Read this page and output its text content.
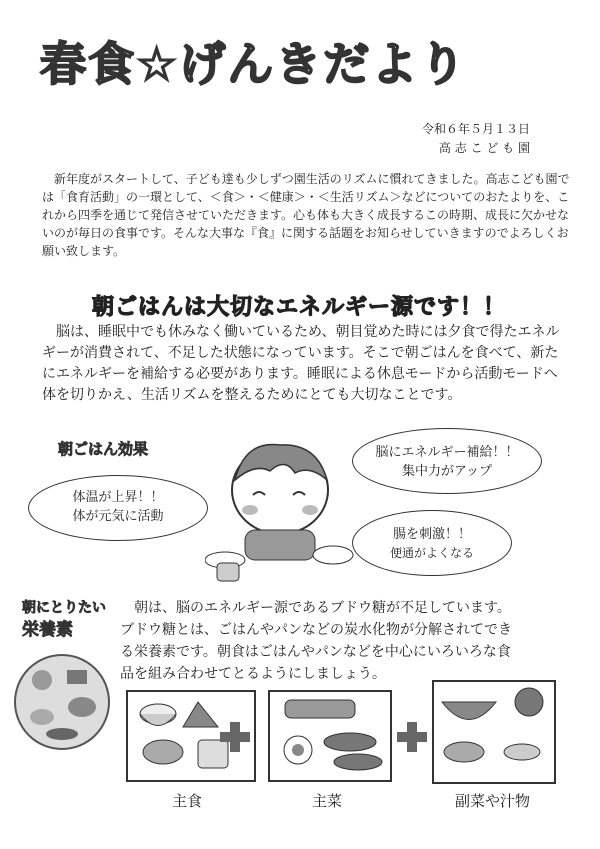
春食☆げんきだより
令和６年５月１３日
高 志 こ ど も 園

新年度がスタートして、子ども達も少しずつ園生活のリズムに慣れてきました。高志こども園では「食育活動」の一環として、＜食＞・＜健康＞・＜生活リズム＞などについてのおたよりを、これから四季を通じて発信させていただきます。心も体も大きく成長するこの時期、成長に欠かせないのが毎日の食事です。そんな大事な『食』に関する話題をお知らせしていきますのでよろしくお願い致します。

朝ごはんは大切なエネルギー源です！！

脳は、睡眠中でも休みなく働いているため、朝目覚めた時には夕食で得たエネルギーが消費されて、不足した状態になっています。そこで朝ごはんを食べて、新たにエネルギーを補給する必要があります。睡眠による休息モードから活動モードへ体を切りかえ、生活リズムを整えるためにとても大切なことです。

朝ごはん効果	脳にエネルギー補給！！
集中力がアップ
体温が上昇！！
体が元気に活動
腸を刺激！！
便通がよくなる
朝にとりたい
栄養素

朝は、脳のエネルギー源であるブドウ糖が不足しています。

ブドウ糖とは、ごはんやパンなどの炭水化物が分解されてできる栄養素です。朝食はごはんやパンなどを中心にいろいろな食品を組み合わせてとるようにしましょう。

主食	主菜	副菜や汁物
